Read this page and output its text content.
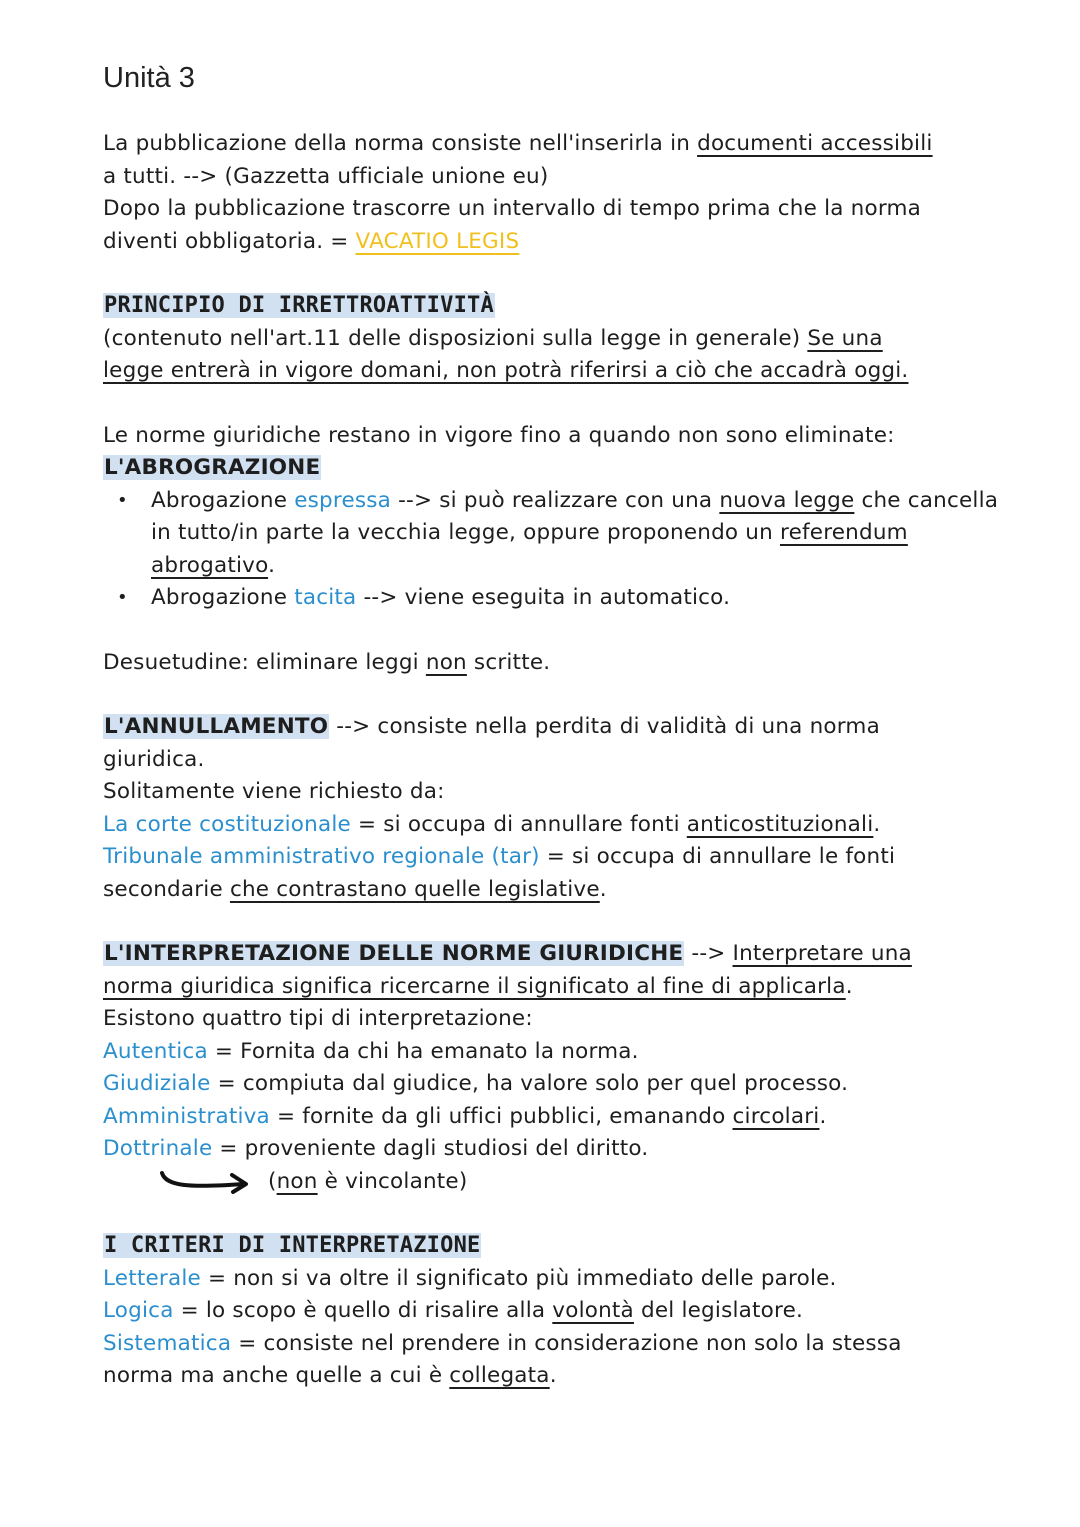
Unità 3

La pubblicazione della norma consiste nell'inserirla in documenti accessibili

a tutti. --> (Gazzetta ufficiale unione eu)

Dopo la pubblicazione trascorre un intervallo di tempo prima che la norma

diventi obbligatoria. = VACATIO LEGIS

PRINCIPIO DI IRRETTROATTIVITÀ

(contenuto nell'art.11 delle disposizioni sulla legge in generale) Se una

legge entrerà in vigore domani, non potrà riferirsi a ciò che accadrà oggi.

Le norme giuridiche restano in vigore fino a quando non sono eliminate:

L'ABROGRAZIONE

• Abrogazione espressa --> si può realizzare con una nuova legge che cancella in tutto/in parte la vecchia legge, oppure proponendo un referendum abrogativo.
• Abrogazione tacita --> viene eseguita in automatico.

Desuetudine: eliminare leggi non scritte.

L'ANNULLAMENTO --> consiste nella perdita di validità di una norma

giuridica.

Solitamente viene richiesto da:

La corte costituzionale = si occupa di annullare fonti anticostituzionali.

Tribunale amministrativo regionale (tar) = si occupa di annullare le fonti

secondarie che contrastano quelle legislative.

L'INTERPRETAZIONE DELLE NORME GIURIDICHE --> Interpretare una

norma giuridica significa ricercarne il significato al fine di applicarla.

Esistono quattro tipi di interpretazione:

Autentica = Fornita da chi ha emanato la norma.

Giudiziale = compiuta dal giudice, ha valore solo per quel processo.

Amministrativa = fornite da gli uffici pubblici, emanando circolari.

Dottrinale = proveniente dagli studiosi del diritto.

(non è vincolante)

I CRITERI DI INTERPRETAZIONE

Letterale = non si va oltre il significato più immediato delle parole.

Logica = lo scopo è quello di risalire alla volontà del legislatore.

Sistematica = consiste nel prendere in considerazione non solo la stessa

norma ma anche quelle a cui è collegata.
